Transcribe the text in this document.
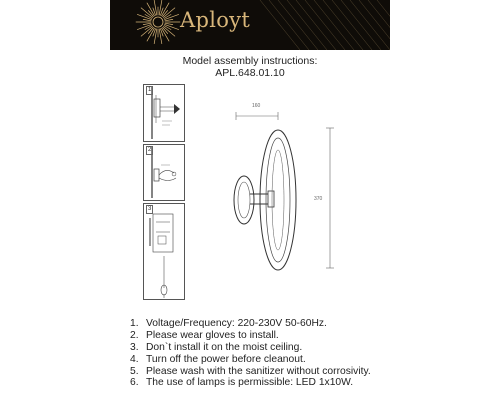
Aployt
Model assembly instructions:
APL.648.01.10
1
2
3
160
370
1. Voltage/Frequency: 220-230V 50-60Hz.
2. Please wear gloves to install.
3. Don`t install it on the moist ceiling.
4. Turn off the power before cleanout.
5. Please wash with the sanitizer without corrosivity.
6. The use of lamps is permissible: LED 1x10W.
